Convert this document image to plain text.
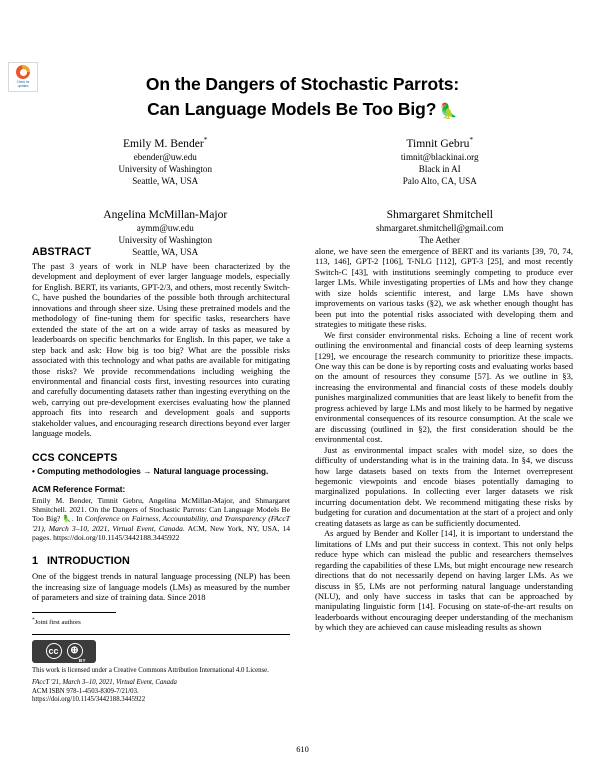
Check for
updates	On the Dangers of Stochastic Parrots:
Can Language Models Be Too Big? 🦜
Emily M. Bender*
ebender@uw.edu
University of Washington
Seattle, WA, USA
Timnit Gebru*
timnit@blackinai.org
Black in AI
Palo Alto, CA, USA
Angelina McMillan-Major
aymm@uw.edu
University of Washington
Seattle, WA, USA
Shmargaret Shmitchell
shmargaret.shmitchell@gmail.com
The Aether
ABSTRACT

The past 3 years of work in NLP have been characterized by the development and deployment of ever larger language models, especially for English. BERT, its variants, GPT-2/3, and others, most recently Switch-C, have pushed the boundaries of the possible both through architectural innovations and through sheer size. Using these pretrained models and the methodology of fine-tuning them for specific tasks, researchers have extended the state of the art on a wide array of tasks as measured by leaderboards on specific benchmarks for English. In this paper, we take a step back and ask: How big is too big? What are the possible risks associated with this technology and what paths are available for mitigating those risks? We provide recommendations including weighing the environmental and financial costs first, investing resources into curating and carefully documenting datasets rather than ingesting everything on the web, carrying out pre-development exercises evaluating how the planned approach fits into research and development goals and supports stakeholder values, and encouraging research directions beyond ever larger language models.

CCS CONCEPTS

• Computing methodologies → Natural language processing.

ACM Reference Format:

Emily M. Bender, Timnit Gebru, Angelina McMillan-Major, and Shmargaret Shmitchell. 2021. On the Dangers of Stochastic Parrots: Can Language Models Be Too Big? 🦜. In Conference on Fairness, Accountability, and Transparency (FAccT '21), March 3–10, 2021, Virtual Event, Canada. ACM, New York, NY, USA, 14 pages. https://doi.org/10.1145/3442188.3445922

1 INTRODUCTION

One of the biggest trends in natural language processing (NLP) has been the increasing size of language models (LMs) as measured by the number of parameters and size of training data. Since 2018

*Joint first authors

cc	⊕
BY

This work is licensed under a Creative Commons Attribution International 4.0 License.

FAccT '21, March 3–10, 2021, Virtual Event, Canada
ACM ISBN 978-1-4503-8309-7/21/03.
https://doi.org/10.1145/3442188.3445922

alone, we have seen the emergence of BERT and its variants [39, 70, 74, 113, 146], GPT-2 [106], T-NLG [112], GPT-3 [25], and most recently Switch-C [43], with institutions seemingly competing to produce ever larger LMs. While investigating properties of LMs and how they change with size holds scientific interest, and large LMs have shown improvements on various tasks (§2), we ask whether enough thought has been put into the potential risks associated with developing them and strategies to mitigate these risks.

We first consider environmental risks. Echoing a line of recent work outlining the environmental and financial costs of deep learning systems [129], we encourage the research community to prioritize these impacts. One way this can be done is by reporting costs and evaluating works based on the amount of resources they consume [57]. As we outline in §3, increasing the environmental and financial costs of these models doubly punishes marginalized communities that are least likely to benefit from the progress achieved by large LMs and most likely to be harmed by negative environmental consequences of its resource consumption. At the scale we are discussing (outlined in §2), the first consideration should be the environmental cost.

Just as environmental impact scales with model size, so does the difficulty of understanding what is in the training data. In §4, we discuss how large datasets based on texts from the Internet overrepresent hegemonic viewpoints and encode biases potentially damaging to marginalized populations. In collecting ever larger datasets we risk incurring documentation debt. We recommend mitigating these risks by budgeting for curation and documentation at the start of a project and only creating datasets as large as can be sufficiently documented.

As argued by Bender and Koller [14], it is important to understand the limitations of LMs and put their success in context. This not only helps reduce hype which can mislead the public and researchers themselves regarding the capabilities of these LMs, but might encourage new research directions that do not necessarily depend on having larger LMs. As we discuss in §5, LMs are not performing natural language understanding (NLU), and only have success in tasks that can be approached by manipulating linguistic form [14]. Focusing on state-of-the-art results on leaderboards without encouraging deeper understanding of the mechanism by which they are achieved can cause misleading results as shown

610
